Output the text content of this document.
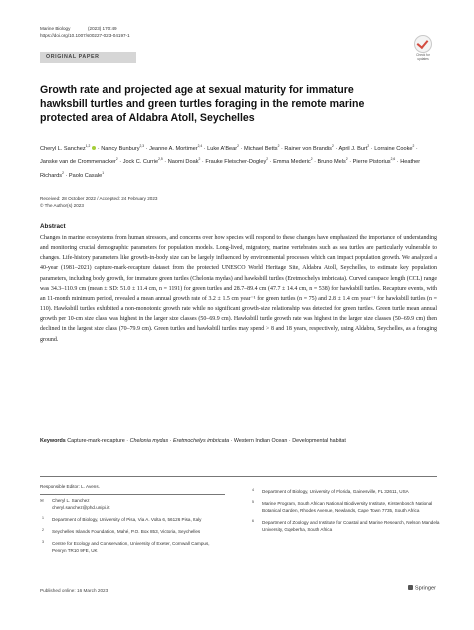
Marine Biology	(2023) 170:49
https://doi.org/10.1007/s00227-023-04197-1
Check for
updates
ORIGINAL PAPER
Growth rate and projected age at sexual maturity for immature hawksbill turtles and green turtles foraging in the remote marine protected area of Aldabra Atoll, Seychelles
Cheryl L. Sanchez$^{1,2}$  · Nancy Bunbury$^{2,3}$ · Jeanne A. Mortimer$^{2,4}$ · Luke A'Bear$^2$ · Michael Betts$^2$ · Rainer von Brandis$^2$ · April J. Burt$^2$ · Lorraine Cooke$^2$ · Janske van de Crommenacker$^2$ · Jock C. Currie$^{2,5}$ · Naomi Doak$^2$ · Frauke Fleischer-Dogley$^2$ · Emma Mederic$^2$ · Bruno Mels$^2$ · Pierre Pistorius$^{2,6}$ · Heather Richards$^2$ · Paolo Casale$^1$
Received: 28 October 2022 / Accepted: 24 February 2023
© The Author(s) 2023
Abstract
Changes in marine ecosystems from human stressors, and concerns over how species will respond to these changes have emphasized the importance of understanding and monitoring crucial demographic parameters for population models. Long-lived, migratory, marine vertebrates such as sea turtles are particularly vulnerable to changes. Life-history parameters like growth-in-body size can be largely influenced by environmental processes which can impact population growth. We analyzed a 40-year (1981–2021) capture-mark-recapture dataset from the protected UNESCO World Heritage Site, Aldabra Atoll, Seychelles, to estimate key population parameters, including body growth, for immature green turtles (Chelonia mydas) and hawksbill turtles (Eretmochelys imbricata). Curved carapace length (CCL) range was 34.3–110.9 cm (mean ± SD: 51.0 ± 11.4 cm, n = 1191) for green turtles and 28.7–89.4 cm (47.7 ± 14.4 cm, n = 538) for hawksbill turtles. Recapture events, with an 11-month minimum period, revealed a mean annual growth rate of 3.2 ± 1.5 cm year⁻¹ for green turtles (n = 75) and 2.8 ± 1.4 cm year⁻¹ for hawksbill turtles (n = 110). Hawksbill turtles exhibited a non-monotonic growth rate while no significant growth-size relationship was detected for green turtles. Green turtle mean annual growth per 10-cm size class was highest in the larger size classes (50–69.9 cm). Hawksbill turtle growth rate was highest in the larger size classes (50–69.9 cm) then declined in the largest size class (70–79.9 cm). Green turtles and hawksbill turtles may spend > 8 and 18 years, respectively, using Aldabra, Seychelles, as a foraging ground.
Keywords Capture-mark-recapture · Chelonia mydas · Eretmochelys imbricata · Western Indian Ocean · Developmental habitat
Responsible Editor: L. Avens.
✉ Cheryl L. Sanchez
cheryl.sanchez@phd.unipi.it
1 Department of Biology, University of Pisa, Via A. Volta 6, 56126 Pisa, Italy
2 Seychelles Islands Foundation, Mahé, P.O. Box 853, Victoria, Seychelles
3 Centre for Ecology and Conservation, University of Exeter, Cornwall Campus, Penryn TR10 9FE, UK
4 Department of Biology, University of Florida, Gainesville, FL 32611, USA
5 Marine Program, South African National Biodiversity Institute, Kirstenbosch National Botanical Garden, Rhodes Avenue, Newlands, Cape Town 7735, South Africa
6 Department of Zoology and Institute for Coastal and Marine Research, Nelson Mandela University, Gqeberha, South Africa
Published online: 16 March 2023	Springer
